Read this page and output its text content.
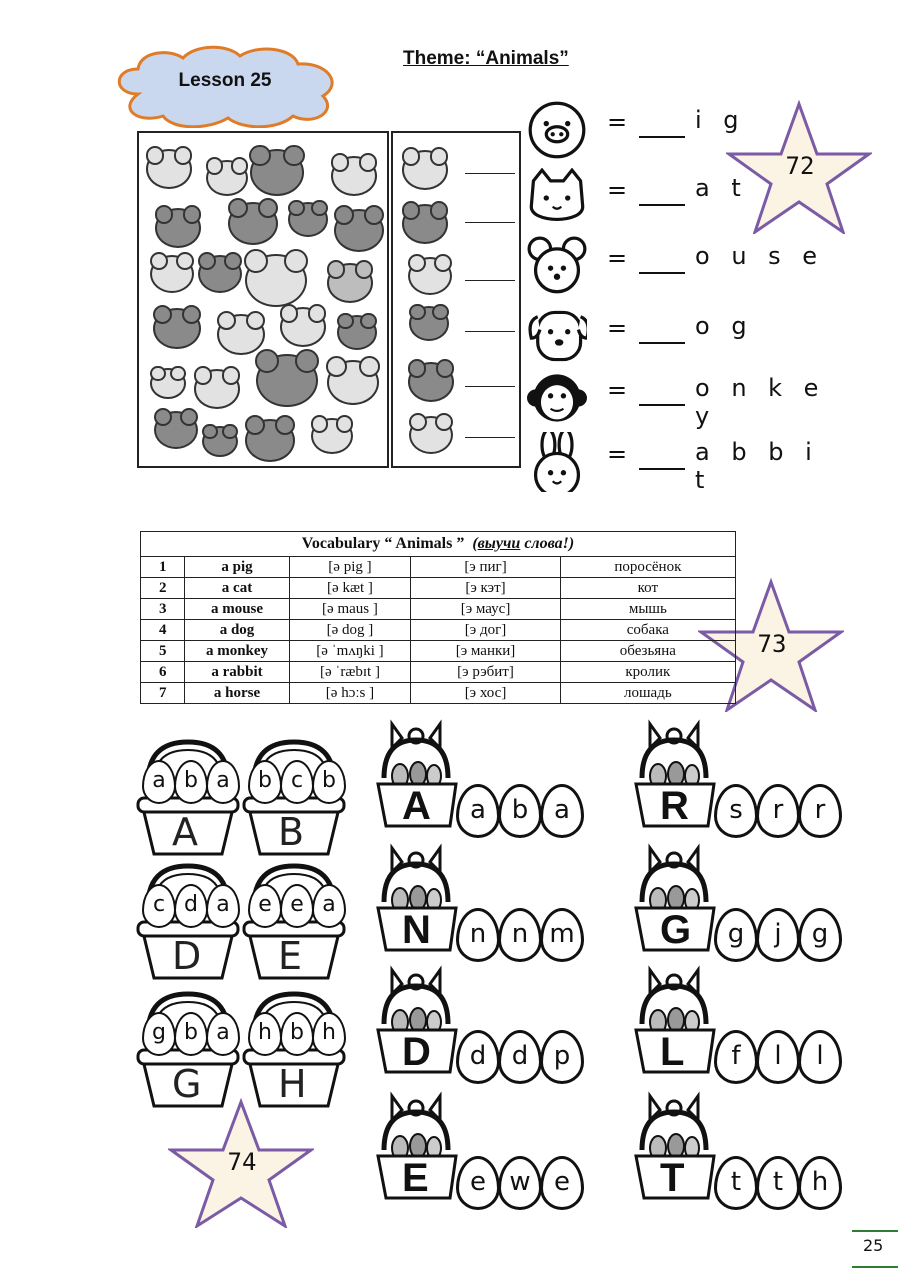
Lesson 25
Theme: “Animals”
=	i g
=	a t
=	o u s e
=	o g
=	o n k e y
=	a b b i t
72
73
Vocabulary “ Animals ” (выучи слова!)				
1	a pig	[ə pig ]	[э пиг]	поросёнок
2	a cat	[ə kæt ]	[э кэт]	кот
3	a mouse	[ə maus ]	[э маус]	мышь
4	a dog	[ə dog ]	[э дог]	собака
5	a monkey	[ə ˈmʌŋki ]	[э манки]	обезьяна
6	a rabbit	[ə ˈræbɪt ]	[э рэбит]	кролик
7	a horse	[ə hɔːs ]	[э хос]	лошадь
a b a
A
b c b
B
c d a
D
e e a
E
g b a
G
h b h
H
74
A	a b a	R	s	r	r
N	n n m G	g	j	g
D	d d p	L	f	l	l
E	e w e	T	t	t	h
25
